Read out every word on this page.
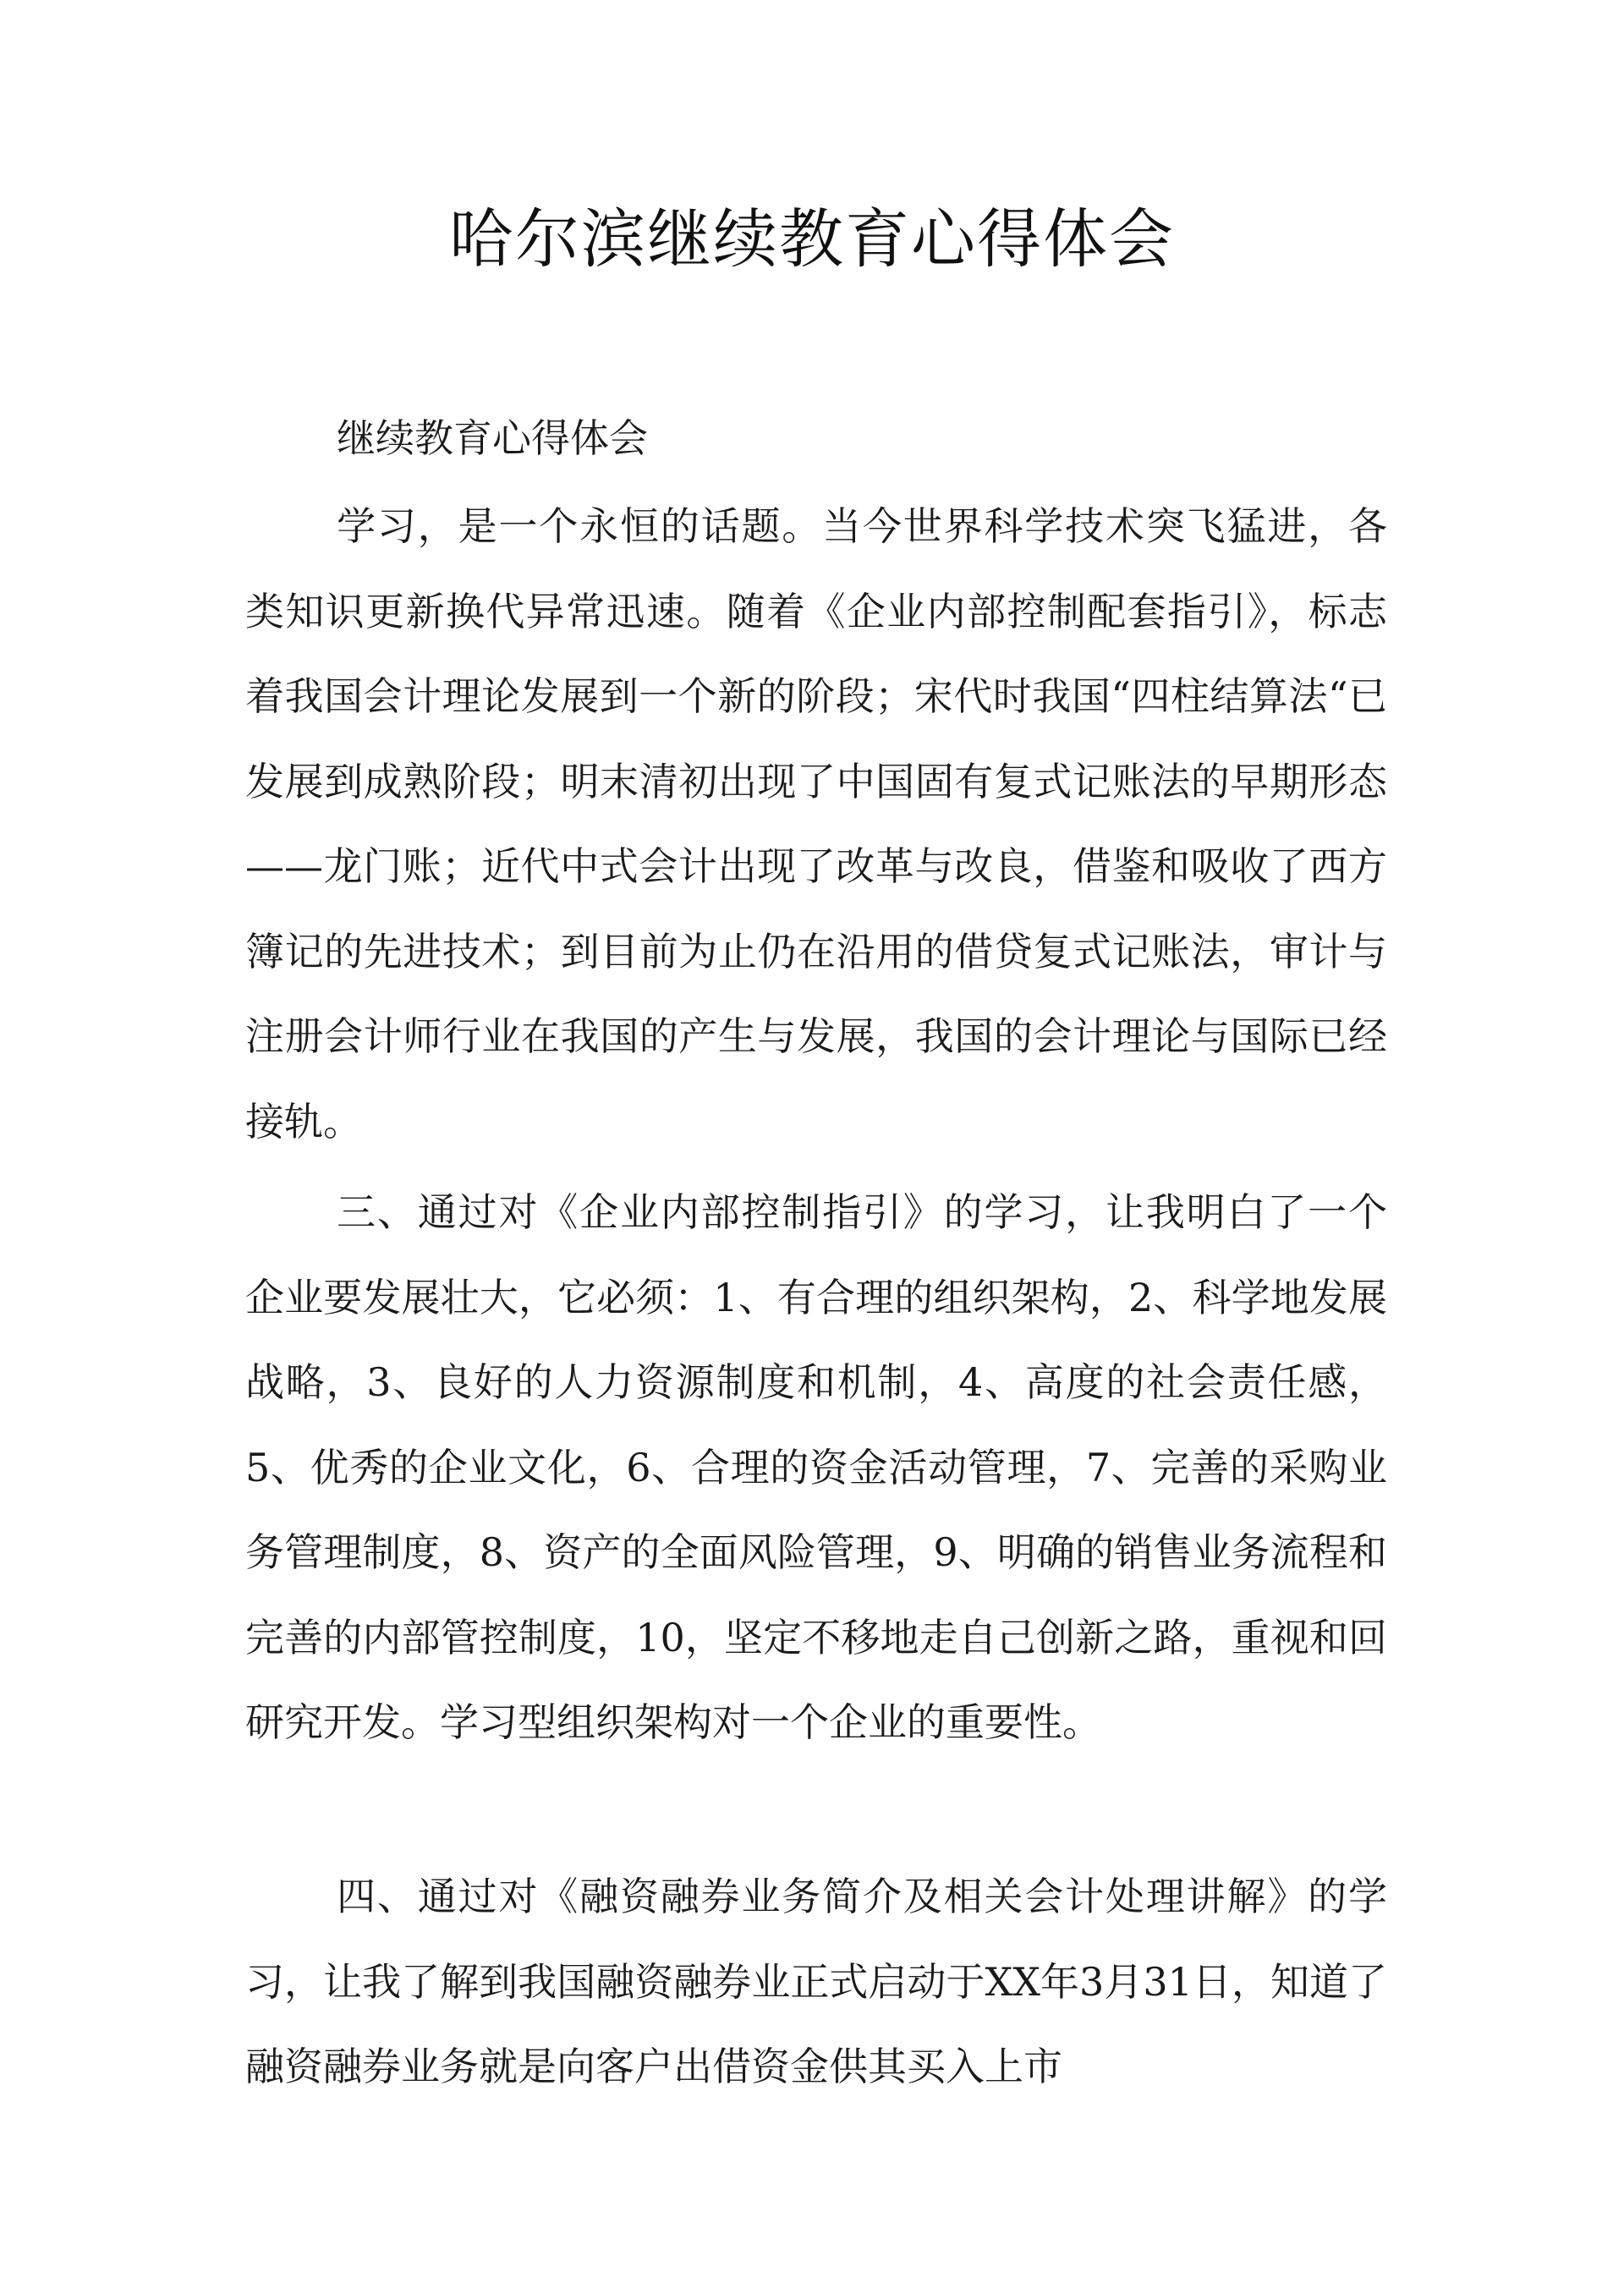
哈尔滨继续教育心得体会

继续教育心得体会

学习，是一个永恒的话题。当今世界科学技术突飞猛进，各类知识更新换代异常迅速。随着《企业内部控制配套指引》，标志着我国会计理论发展到一个新的阶段；宋代时我国“四柱结算法“已发展到成熟阶段；明末清初出现了中国固有复式记账法的早期形态——龙门账；近代中式会计出现了改革与改良，借鉴和吸收了西方簿记的先进技术；到目前为止仍在沿用的借贷复式记账法，审计与注册会计师行业在我国的产生与发展，我国的会计理论与国际已经接轨。

三、通过对《企业内部控制指引》的学习，让我明白了一个企业要发展壮大，它必须：1、有合理的组织架构，2、科学地发展战略，3、良好的人力资源制度和机制，4、高度的社会责任感，5、优秀的企业文化，6、合理的资金活动管理，7、完善的采购业务管理制度，8、资产的全面风险管理，9、明确的销售业务流程和完善的内部管控制度，10，坚定不移地走自己创新之路，重视和回研究开发。学习型组织架构对一个企业的重要性。

四、通过对《融资融券业务简介及相关会计处理讲解》的学习，让我了解到我国融资融券业正式启动于XX年3月31日，知道了融资融券业务就是向客户出借资金供其买入上市
